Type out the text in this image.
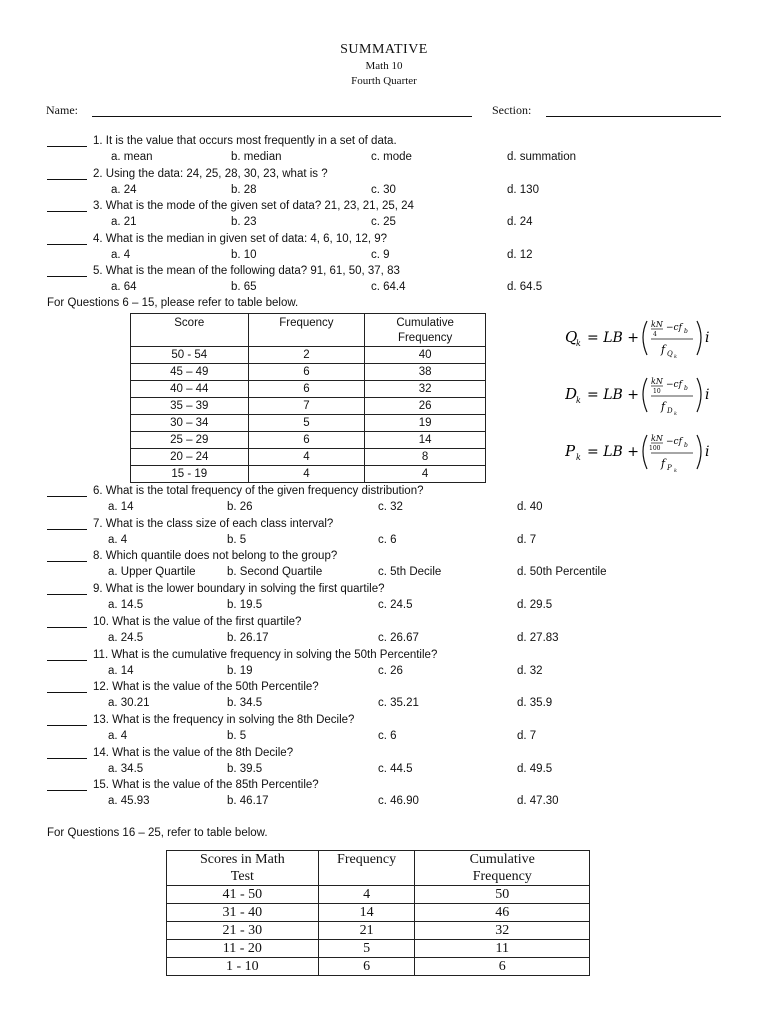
SUMMATIVE
Math 10
Fourth Quarter
Name:	Section:
1. It is the value that occurs most frequently in a set of data.
a. mean	b. median	c. mode	d. summation
2. Using the data: 24, 25, 28, 30, 23, what is ?
a. 24	b. 28	c. 30	d. 130
3. What is the mode of the given set of data? 21, 23, 21, 25, 24
a. 21	b. 23	c. 25	d. 24
4. What is the median in given set of data: 4, 6, 10, 12, 9?
a. 4	b. 10	c. 9	d. 12
5. What is the mean of the following data? 91, 61, 50, 37, 83
a. 64	b. 65	c. 64.4	d. 64.5
For Questions 6 – 15, please refer to table below.
Score	Frequency	Cumulative Frequency

50 - 54	2	40
45 – 49	6	38
40 – 44	6	32
35 – 39	7	26
30 – 34	5	19
25 – 29	6	14
20 – 24	4	8
15 - 19	4	4
Q
k = LB +
kN
4
−cf b
f Q k
i
D
k = LB +
kN
10
−cf b
f D k
i
P k = LB +
kN
100
−cf b
f P k
i
6. What is the total frequency of the given frequency distribution?
a. 14	b. 26	c. 32	d. 40
7. What is the class size of each class interval?
a. 4	b. 5	c. 6	d. 7
8. Which quantile does not belong to the group?
a. Upper Quartile	b. Second Quartile	c. 5th Decile	d. 50th Percentile
9. What is the lower boundary in solving the first quartile?
a. 14.5	b. 19.5	c. 24.5	d. 29.5
10. What is the value of the first quartile?
a. 24.5	b. 26.17	c. 26.67	d. 27.83
11. What is the cumulative frequency in solving the 50th Percentile?
a. 14	b. 19	c. 26	d. 32
12. What is the value of the 50th Percentile?
a. 30.21	b. 34.5	c. 35.21	d. 35.9
13. What is the frequency in solving the 8th Decile?
a. 4	b. 5	c. 6	d. 7
14. What is the value of the 8th Decile?
a. 34.5	b. 39.5	c. 44.5	d. 49.5
15. What is the value of the 85th Percentile?
a. 45.93	b. 46.17	c. 46.90	d. 47.30
For Questions 16 – 25, refer to table below.
Scores in Math Test	Frequency	Cumulative Frequency

41 - 50	4	50
31 - 40	14	46
21 - 30	21	32
11 - 20	5	11
1 - 10	6	6
